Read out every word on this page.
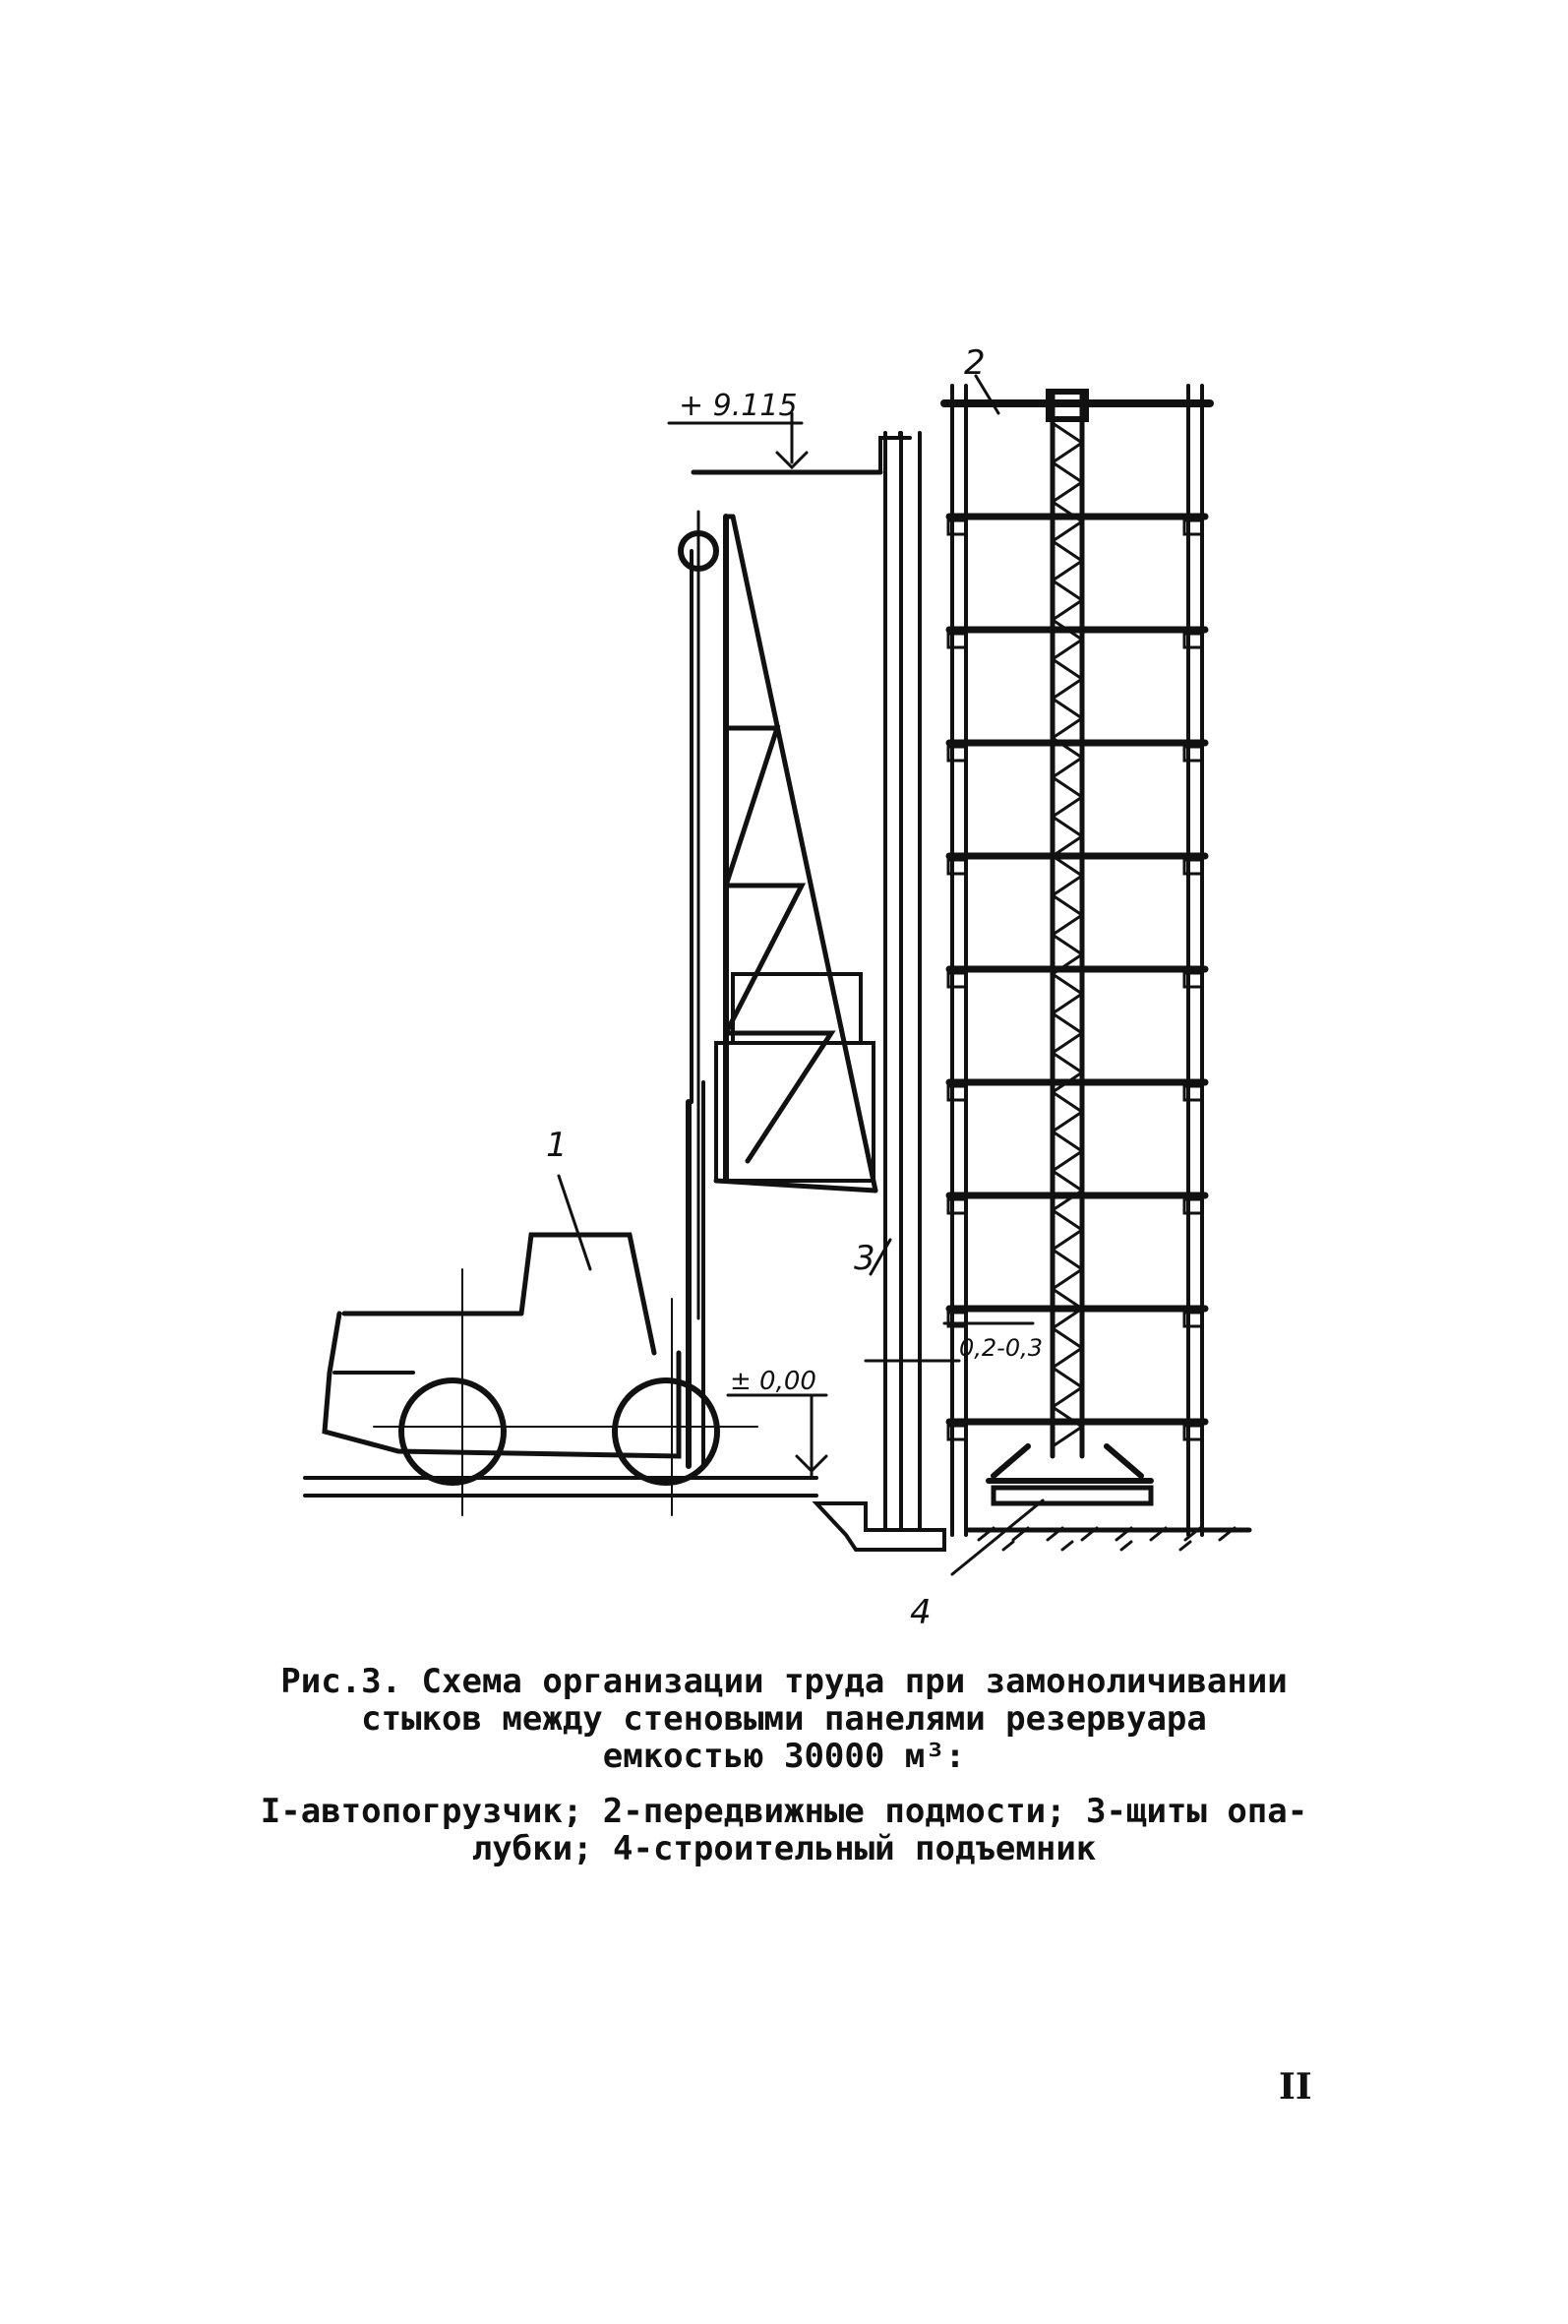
+ 9.115
± 0,00
0,2-0,3
1
2
3
4
Рис.3. Схема организации труда при замоноличивании
стыков между стеновыми панелями резервуара
емкостью 30000 м³:
I-автопогрузчик; 2-передвижные подмости; 3-щиты опа-
лубки; 4-строительный подъемник
II
